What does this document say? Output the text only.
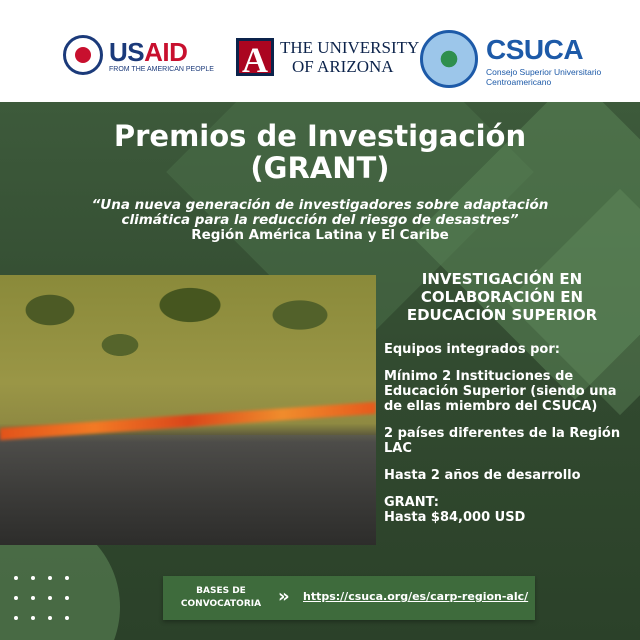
USAID
FROM THE AMERICAN PEOPLE A THE UNIVERSITY
OF ARIZONA
CSUCA
Consejo Superior Universitario
Centroamericano
Premios de Investigación
(GRANT)
“Una nueva generación de investigadores sobre adaptación
climática para la reducción del riesgo de desastres”
Región América Latina y El Caribe
INVESTIGACIÓN EN
COLABORACIÓN EN
EDUCACIÓN SUPERIOR
Equipos integrados por:
Mínimo 2 Instituciones de Educación Superior (siendo una de ellas miembro del CSUCA)
2 países diferentes de la Región LAC
Hasta 2 años de desarrollo
GRANT:
Hasta $84,000 USD
BASES DE
CONVOCATORIA » https://csuca.org/es/carp-region-alc/
